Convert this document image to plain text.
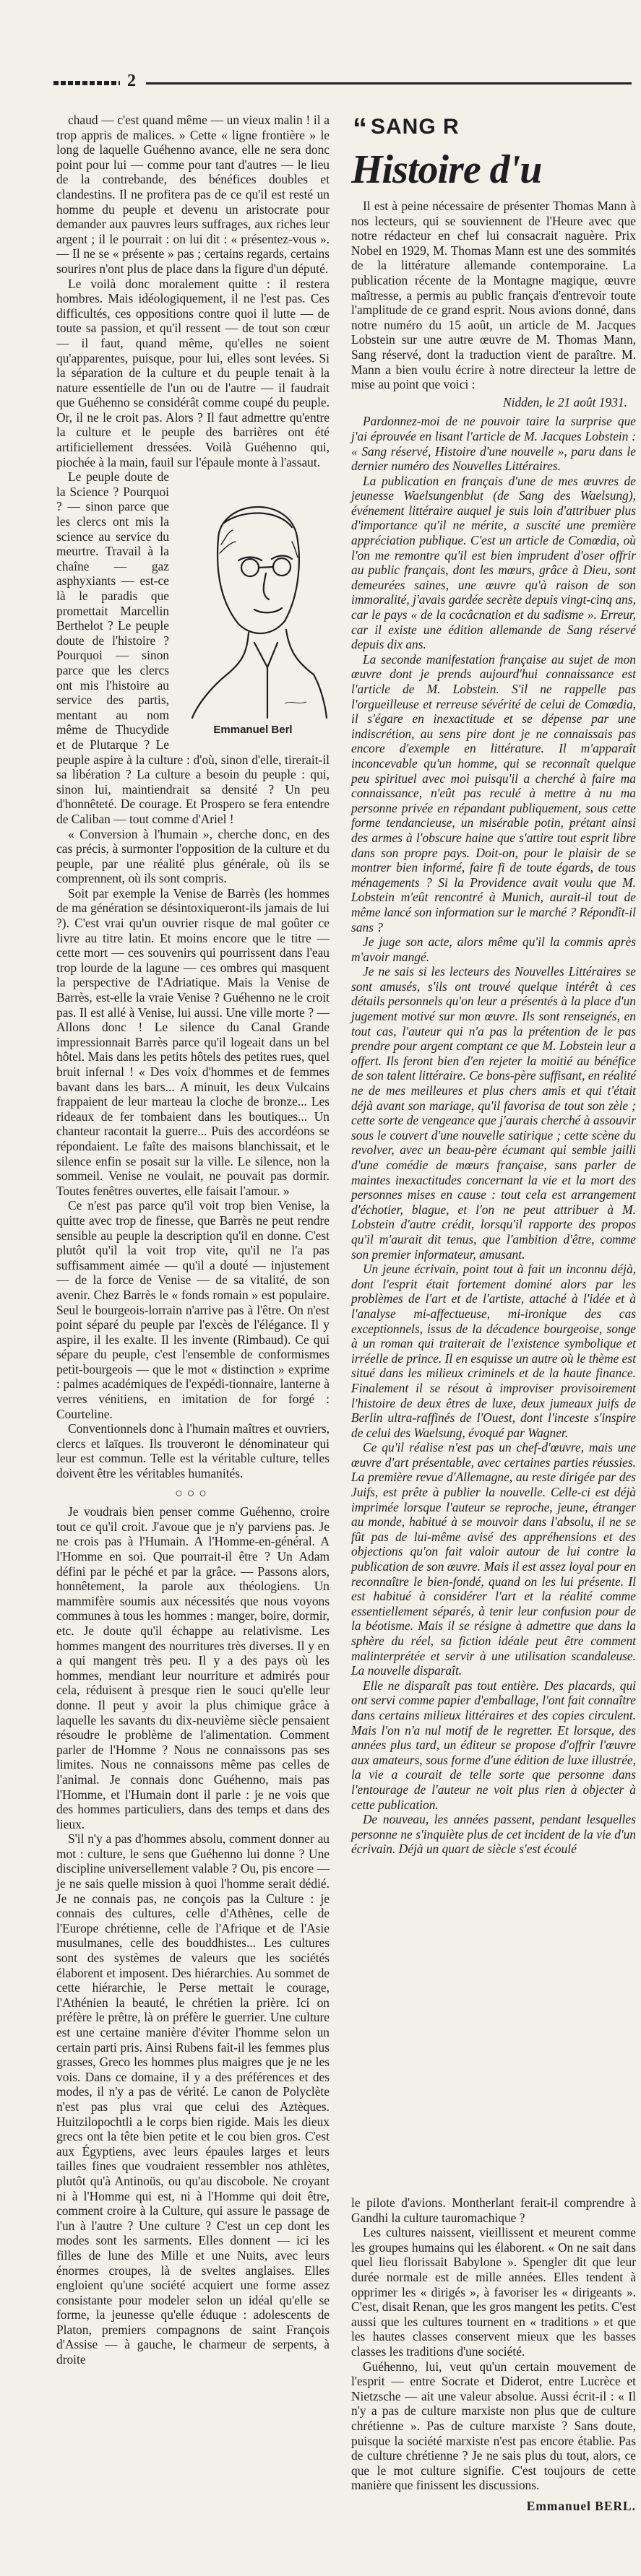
2

chaud — c'est quand même — un vieux malin ! il a trop appris de malices. » Cette « ligne frontière » le long de laquelle Guéhenno avance, elle ne sera donc point pour lui — comme pour tant d'autres — le lieu de la contrebande, des bénéfices doubles et clandestins. Il ne profitera pas de ce qu'il est resté un homme du peuple et devenu un aristocrate pour demander aux pauvres leurs suffrages, aux riches leur argent ; il le pourrait : on lui dit : « présentez-vous ». — Il ne se « présente » pas ; certains regards, certains sourires n'ont plus de place dans la figure d'un député.

Le voilà donc moralement quitte : il restera hombres. Mais idéologiquement, il ne l'est pas. Ces difficultés, ces oppositions contre quoi il lutte — de toute sa passion, et qu'il ressent — de tout son cœur — il faut, quand même, qu'elles ne soient qu'apparentes, puisque, pour lui, elles sont levées. Si la séparation de la culture et du peuple tenait à la nature essentielle de l'un ou de l'autre — il faudrait que Guéhenno se considérât comme coupé du peuple. Or, il ne le croit pas. Alors ? Il faut admettre qu'entre la culture et le peuple des barrières ont été artificiellement dressées. Voilà Guéhenno qui, piochée à la main, fauil sur l'épaule monte à l'assaut.

Emmanuel Berl

Le peuple doute de la Science ? Pourquoi ? — sinon parce que les clercs ont mis la science au service du meurtre. Travail à la chaîne — gaz asphyxiants — est-ce là le paradis que promettait Marcellin Berthelot ? Le peuple doute de l'histoire ? Pourquoi — sinon parce que les clercs ont mis l'histoire au service des partis, mentant au nom même de Thucydide et de Plutarque ? Le peuple aspire à la culture : d'où, sinon d'elle, tirerait-il sa libération ? La culture a besoin du peuple : qui, sinon lui, maintiendrait sa densité ? Un peu d'honnêteté. De courage. Et Prospero se fera entendre de Caliban — tout comme d'Ariel !

« Conversion à l'humain », cherche donc, en des cas précis, à surmonter l'opposition de la culture et du peuple, par une réalité plus générale, où ils se comprennent, où ils sont compris.

Soit par exemple la Venise de Barrès (les hommes de ma génération se désintoxiqueront-ils jamais de lui ?). C'est vrai qu'un ouvrier risque de mal goûter ce livre au titre latin. Et moins encore que le titre — cette mort — ces souvenirs qui pourrissent dans l'eau trop lourde de la lagune — ces ombres qui masquent la perspective de l'Adriatique. Mais la Venise de Barrès, est-elle la vraie Venise ? Guéhenno ne le croit pas. Il est allé à Venise, lui aussi. Une ville morte ? — Allons donc ! Le silence du Canal Grande impressionnait Barrès parce qu'il logeait dans un bel hôtel. Mais dans les petits hôtels des petites rues, quel bruit infernal ! « Des voix d'hommes et de femmes bavant dans les bars... A minuit, les deux Vulcains frappaient de leur marteau la cloche de bronze... Les rideaux de fer tombaient dans les boutiques... Un chanteur racontait la guerre... Puis des accordéons se répondaient. Le faîte des maisons blanchissait, et le silence enfin se posait sur la ville. Le silence, non la sommeil. Venise ne voulait, ne pouvait pas dormir. Toutes fenêtres ouvertes, elle faisait l'amour. »

Ce n'est pas parce qu'il voit trop bien Venise, la quitte avec trop de finesse, que Barrès ne peut rendre sensible au peuple la description qu'il en donne. C'est plutôt qu'il la voit trop vite, qu'il ne l'a pas suffisamment aimée — qu'il a douté — injustement — de la force de Venise — de sa vitalité, de son avenir. Chez Barrès le « fonds romain » est populaire. Seul le bourgeois-lorrain n'arrive pas à l'être. On n'est point séparé du peuple par l'excès de l'élégance. Il y aspire, il les exalte. Il les invente (Rimbaud). Ce qui sépare du peuple, c'est l'ensemble de conformismes petit-bourgeois — que le mot « distinction » exprime : palmes académiques de l'expédi-tionnaire, lanterne à verres vénitiens, en imitation de for forgé : Courteline.

Conventionnels donc à l'humain maîtres et ouvriers, clercs et laïques. Ils trouveront le dénominateur qui leur est commun. Telle est la véritable culture, telles doivent être les véritables humanités.

○○○

Je voudrais bien penser comme Guéhenno, croire tout ce qu'il croit. J'avoue que je n'y parviens pas. Je ne crois pas à l'Humain. A l'Homme-en-général. A l'Homme en soi. Que pourrait-il être ? Un Adam défini par le péché et par la grâce. — Passons alors, honnêtement, la parole aux théologiens. Un mammifère soumis aux nécessités que nous voyons communes à tous les hommes : manger, boire, dormir, etc. Je doute qu'il échappe au relativisme. Les hommes mangent des nourritures très diverses. Il y en a qui mangent très peu. Il y a des pays où les hommes, mendiant leur nourriture et admirés pour cela, réduisent à presque rien le souci qu'elle leur donne. Il peut y avoir la plus chimique grâce à laquelle les savants du dix-neuvième siècle pensaient résoudre le problème de l'alimentation. Comment parler de l'Homme ? Nous ne connaissons pas ses limites. Nous ne connaissons même pas celles de l'animal. Je connais donc Guéhenno, mais pas l'Homme, et l'Humain dont il parle : je ne vois que des hommes particuliers, dans des temps et dans des lieux.

S'il n'y a pas d'hommes absolu, comment donner au mot : culture, le sens que Guéhenno lui donne ? Une discipline universellement valable ? Ou, pis encore — je ne sais quelle mission à quoi l'homme serait dédié. Je ne connais pas, ne conçois pas la Culture : je connais des cultures, celle d'Athènes, celle de l'Europe chrétienne, celle de l'Afrique et de l'Asie musulmanes, celle des bouddhistes... Les cultures sont des systèmes de valeurs que les sociétés élaborent et imposent. Des hiérarchies. Au sommet de cette hiérarchie, le Perse mettait le courage, l'Athénien la beauté, le chrétien la prière. Ici on préfère le prêtre, là on préfère le guerrier. Une culture est une certaine manière d'éviter l'homme selon un certain parti pris. Ainsi Rubens fait-il les femmes plus grasses, Greco les hommes plus maigres que je ne les vois. Dans ce domaine, il y a des préférences et des modes, il n'y a pas de vérité. Le canon de Polyclète n'est pas plus vrai que celui des Aztèques. Huitzilopochtli a le corps bien rigide. Mais les dieux grecs ont la tête bien petite et le cou bien gros. C'est aux Égyptiens, avec leurs épaules larges et leurs tailles fines que voudraient ressembler nos athlètes, plutôt qu'à Antinoüs, ou qu'au discobole. Ne croyant ni à l'Homme qui est, ni à l'Homme qui doit être, comment croire à la Culture, qui assure le passage de l'un à l'autre ? Une culture ? C'est un cep dont les modes sont les sarments. Elles donnent — ici les filles de lune des Mille et une Nuits, avec leurs énormes croupes, là de sveltes anglaises. Elles engloient qu'une société acquiert une forme assez consistante pour modeler selon un idéal qu'elle se forme, la jeunesse qu'elle éduque : adolescents de Platon, premiers compagnons de saint François d'Assise — à gauche, le charmeur de serpents, à droite

“ SANG R
Histoire d'u

Il est à peine nécessaire de présenter Thomas Mann à nos lecteurs, qui se souviennent de l'Heure avec que notre rédacteur en chef lui consacrait naguère. Prix Nobel en 1929, M. Thomas Mann est une des sommités de la littérature allemande contemporaine. La publication récente de la Montagne magique, œuvre maîtresse, a permis au public français d'entrevoir toute l'amplitude de ce grand esprit. Nous avions donné, dans notre numéro du 15 août, un article de M. Jacques Lobstein sur une autre œuvre de M. Thomas Mann, Sang réservé, dont la traduction vient de paraître. M. Mann a bien voulu écrire à notre directeur la lettre de mise au point que voici :

Nidden, le 21 août 1931.

Pardonnez-moi de ne pouvoir taire la surprise que j'ai éprouvée en lisant l'article de M. Jacques Lobstein : « Sang réservé, Histoire d'une nouvelle », paru dans le dernier numéro des Nouvelles Littéraires.

La publication en français d'une de mes œuvres de jeunesse Waelsungenblut (de Sang des Waelsung), événement littéraire auquel je suis loin d'attribuer plus d'importance qu'il ne mérite, a suscité une première appréciation publique. C'est un article de Comœdia, où l'on me remontre qu'il est bien imprudent d'oser offrir au public français, dont les mœurs, grâce à Dieu, sont demeurées saines, une œuvre qu'à raison de son immoralité, j'avais gardée secrète depuis vingt-cinq ans, car le pays « de la cocâcnation et du sadisme ». Erreur, car il existe une édition allemande de Sang réservé depuis dix ans.

La seconde manifestation française au sujet de mon œuvre dont je prends aujourd'hui connaissance est l'article de M. Lobstein. S'il ne rappelle pas l'orgueilleuse et rerreuse sévérité de celui de Comœdia, il s'égare en inexactitude et se dépense par une indiscrétion, au sens pire dont je ne connaissais pas encore d'exemple en littérature. Il m'apparaît inconcevable qu'un homme, qui se reconnaît quelque peu spirituel avec moi puisqu'il a cherché à faire ma connaissance, n'eût pas reculé à mettre à nu ma personne privée en répandant publiquement, sous cette forme tendancieuse, un misérable potin, prétant ainsi des armes à l'obscure haine que s'attire tout esprit libre dans son propre pays. Doit-on, pour le plaisir de se montrer bien informé, faire fi de toute égards, de tous ménagements ? Si la Providence avait voulu que M. Lobstein m'eût rencontré à Munich, aurait-il tout de même lancé son information sur le marché ? Répondît-il sans ?

Je juge son acte, alors même qu'il la commis après m'avoir mangé.

Je ne sais si les lecteurs des Nouvelles Littéraires se sont amusés, s'ils ont trouvé quelque intérêt à ces détails personnels qu'on leur a présentés à la place d'un jugement motivé sur mon œuvre. Ils sont renseignés, en tout cas, l'auteur qui n'a pas la prétention de le pas prendre pour argent comptant ce que M. Lobstein leur a offert. Ils feront bien d'en rejeter la moitié au bénéfice de son talent littéraire. Ce bons-père suffisant, en réalité ne de mes meilleures et plus chers amis et qui t'était déjà avant son mariage, qu'il favorisa de tout son zèle ; cette sorte de vengeance que j'aurais cherché à assouvir sous le couvert d'une nouvelle satirique ; cette scène du revolver, avec un beau-père écumant qui semble jailli d'une comédie de mœurs française, sans parler de maintes inexactitudes concernant la vie et la mort des personnes mises en cause : tout cela est arrangement d'échotier, blague, et l'on ne peut attribuer à M. Lobstein d'autre crédit, lorsqu'il rapporte des propos qu'il m'aurait dit tenus, que l'ambition d'être, comme son premier informateur, amusant.

Un jeune écrivain, point tout à fait un inconnu déjà, dont l'esprit était fortement dominé alors par les problèmes de l'art et de l'artiste, attaché à l'idée et à l'analyse mi-affectueuse, mi-ironique des cas exceptionnels, issus de la décadence bourgeoise, songe à un roman qui traiterait de l'existence symbolique et irréelle de prince. Il en esquisse un autre où le thème est situé dans les milieux criminels et de la haute finance. Finalement il se résout à improviser provisoirement l'histoire de deux êtres de luxe, deux jumeaux juifs de Berlin ultra-raffinés de l'Ouest, dont l'inceste s'inspire de celui des Waelsung, évoqué par Wagner.

Ce qu'il réalise n'est pas un chef-d'œuvre, mais une œuvre d'art présentable, avec certaines parties réussies. La première revue d'Allemagne, au reste dirigée par des Juifs, est prête à publier la nouvelle. Celle-ci est déjà imprimée lorsque l'auteur se reproche, jeune, étranger au monde, habitué à se mouvoir dans l'absolu, il ne se fût pas de lui-même avisé des appréhensions et des objections qu'on fait valoir autour de lui contre la publication de son œuvre. Mais il est assez loyal pour en reconnaître le bien-fondé, quand on les lui présente. Il est habitué à considérer l'art et la réalité comme essentiellement séparés, à tenir leur confusion pour de la béotisme. Mais il se résigne à admettre que dans la sphère du réel, sa fiction idéale peut être comment malinterprétée et servir à une utilisation scandaleuse. La nouvelle disparaît.

Elle ne disparaît pas tout entière. Des placards, qui ont servi comme papier d'emballage, l'ont fait connaître dans certains milieux littéraires et des copies circulent. Mais l'on n'a nul motif de le regretter. Et lorsque, des années plus tard, un éditeur se propose d'offrir l'œuvre aux amateurs, sous forme d'une édition de luxe illustrée, la vie a courait de telle sorte que personne dans l'entourage de l'auteur ne voit plus rien à objecter à cette publication.

De nouveau, les années passent, pendant lesquelles personne ne s'inquiète plus de cet incident de la vie d'un écrivain. Déjà un quart de siècle s'est écoulé

le pilote d'avions. Montherlant ferait-il comprendre à Gandhi la culture tauromachique ?

Les cultures naissent, vieillissent et meurent comme les groupes humains qui les élaborent. « On ne sait dans quel lieu florissait Babylone ». Spengler dit que leur durée normale est de mille années. Elles tendent à opprimer les « dirigés », à favoriser les « dirigeants ». C'est, disait Renan, que les gros mangent les petits. C'est aussi que les cultures tournent en « traditions » et que les hautes classes conservent mieux que les basses classes les traditions d'une société.

Guéhenno, lui, veut qu'un certain mouvement de l'esprit — entre Socrate et Diderot, entre Lucrèce et Nietzsche — ait une valeur absolue. Aussi écrit-il : « Il n'y a pas de culture marxiste non plus que de culture chrétienne ». Pas de culture marxiste ? Sans doute, puisque la société marxiste n'est pas encore établie. Pas de culture chrétienne ? Je ne sais plus du tout, alors, ce que le mot culture signifie. C'est toujours de cette manière que finissent les discussions.

Emmanuel BERL.
